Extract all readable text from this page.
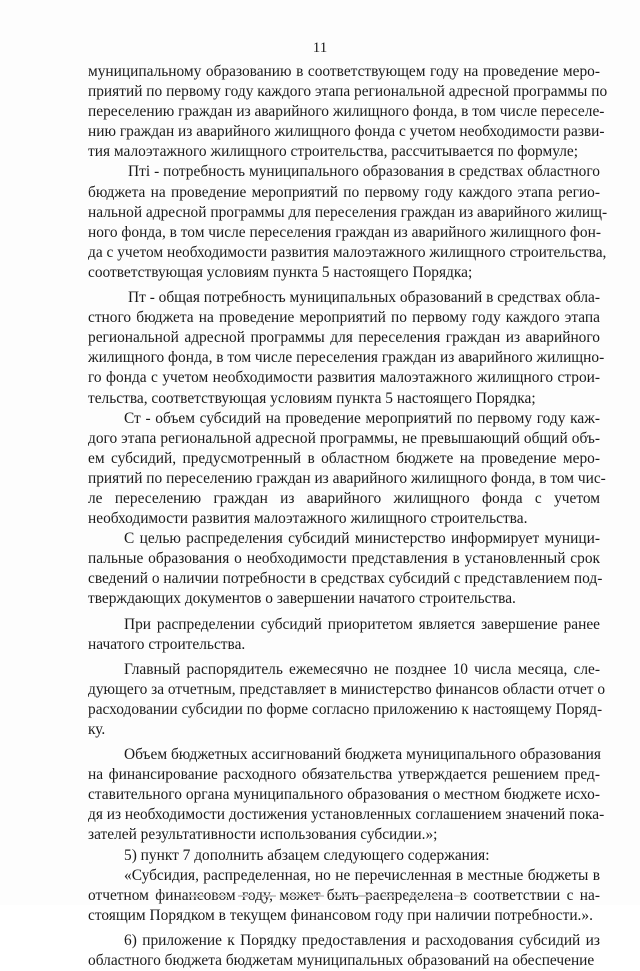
11
муниципальному образованию в соответствующем году на проведение меро-
приятий по первому году каждого этапа региональной адресной программы по
переселению граждан из аварийного жилищного фонда, в том числе переселе-
нию граждан из аварийного жилищного фонда с учетом необходимости разви-
тия малоэтажного жилищного строительства, рассчитывается по формуле;
Пті - потребность муниципального образования в средствах областного
бюджета на проведение мероприятий по первому году каждого этапа регио-
нальной адресной программы для переселения граждан из аварийного жилищ-
ного фонда, в том числе переселения граждан из аварийного жилищного фон-
да с учетом необходимости развития малоэтажного жилищного строительства,
соответствующая условиям пункта 5 настоящего Порядка;
Пт - общая потребность муниципальных образований в средствах обла-
стного бюджета на проведение мероприятий по первому году каждого этапа
региональной адресной программы для переселения граждан из аварийного
жилищного фонда, в том числе переселения граждан из аварийного жилищно-
го фонда с учетом необходимости развития малоэтажного жилищного строи-
тельства, соответствующая условиям пункта 5 настоящего Порядка;
Ст - объем субсидий на проведение мероприятий по первому году каж-
дого этапа региональной адресной программы, не превышающий общий объ-
ем субсидий, предусмотренный в областном бюджете на проведение меро-
приятий по переселению граждан из аварийного жилищного фонда, в том чис-
ле переселению граждан из аварийного жилищного фонда с учетом
необходимости развития малоэтажного жилищного строительства.
С целью распределения субсидий министерство информирует муници-
пальные образования о необходимости представления в установленный срок
сведений о наличии потребности в средствах субсидий с представлением под-
тверждающих документов о завершении начатого строительства.
При распределении субсидий приоритетом является завершение ранее
начатого строительства.
Главный распорядитель ежемесячно не позднее 10 числа месяца, сле-
дующего за отчетным, представляет в министерство финансов области отчет о
расходовании субсидии по форме согласно приложению к настоящему Поряд-
ку.
Объем бюджетных ассигнований бюджета муниципального образования
на финансирование расходного обязательства утверждается решением пред-
ставительного органа муниципального образования о местном бюджете исхо-
дя из необходимости достижения установленных соглашением значений пока-
зателей результативности использования субсидии.»;
5) пункт 7 дополнить абзацем следующего содержания:
«Субсидия, распределенная, но не перечисленная в местные бюджеты в
отчетном финансовом году, может быть распределена в соответствии с на-
стоящим Порядком в текущем финансовом году при наличии потребности.».
6) приложение к Порядку предоставления и расходования субсидий из
областного бюджета бюджетам муниципальных образований на обеспечение
